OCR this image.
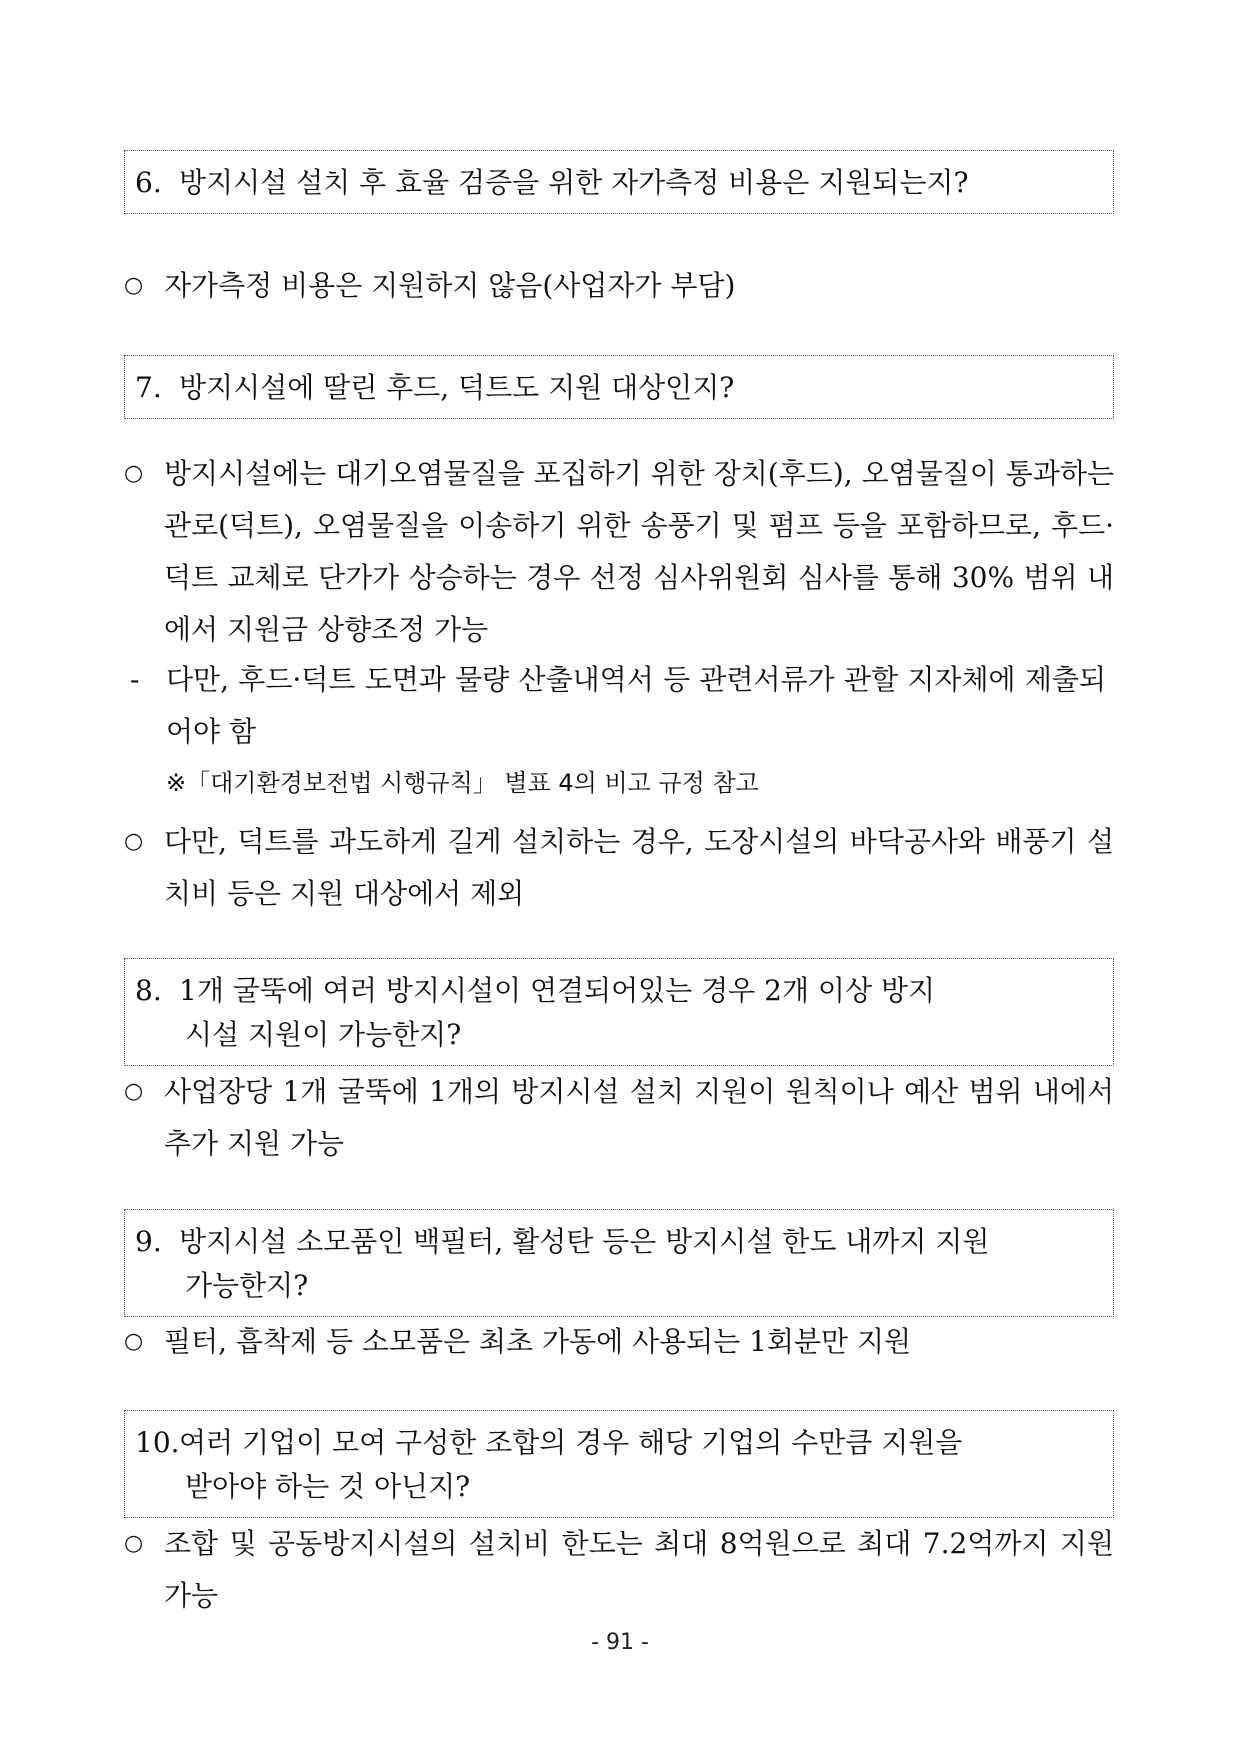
6. 방지시설 설치 후 효율 검증을 위한 자가측정 비용은 지원되는지?
○ 자가측정 비용은 지원하지 않음(사업자가 부담)
7. 방지시설에 딸린 후드, 덕트도 지원 대상인지?
○ 방지시설에는 대기오염물질을 포집하기 위한 장치(후드), 오염물질이 통과하는 관로(덕트), 오염물질을 이송하기 위한 송풍기 및 펌프 등을 포함하므로, 후드·덕트 교체로 단가가 상승하는 경우 선정 심사위원회 심사를 통해 30% 범위 내에서 지원금 상향조정 가능
- 다만, 후드·덕트 도면과 물량 산출내역서 등 관련서류가 관할 지자체에 제출되어야 함
※「대기환경보전법 시행규칙」 별표 4의 비고 규정 참고
○ 다만, 덕트를 과도하게 길게 설치하는 경우, 도장시설의 바닥공사와 배풍기 설치비 등은 지원 대상에서 제외
8. 1개 굴뚝에 여러 방지시설이 연결되어있는 경우 2개 이상 방지
시설 지원이 가능한지?
○ 사업장당 1개 굴뚝에 1개의 방지시설 설치 지원이 원칙이나 예산 범위 내에서 추가 지원 가능
9. 방지시설 소모품인 백필터, 활성탄 등은 방지시설 한도 내까지 지원
가능한지?
○ 필터, 흡착제 등 소모품은 최초 가동에 사용되는 1회분만 지원
10.여러 기업이 모여 구성한 조합의 경우 해당 기업의 수만큼 지원을
받아야 하는 것 아닌지?
○ 조합 및 공동방지시설의 설치비 한도는 최대 8억원으로 최대 7.2억까지 지원 가능
- 91 -
